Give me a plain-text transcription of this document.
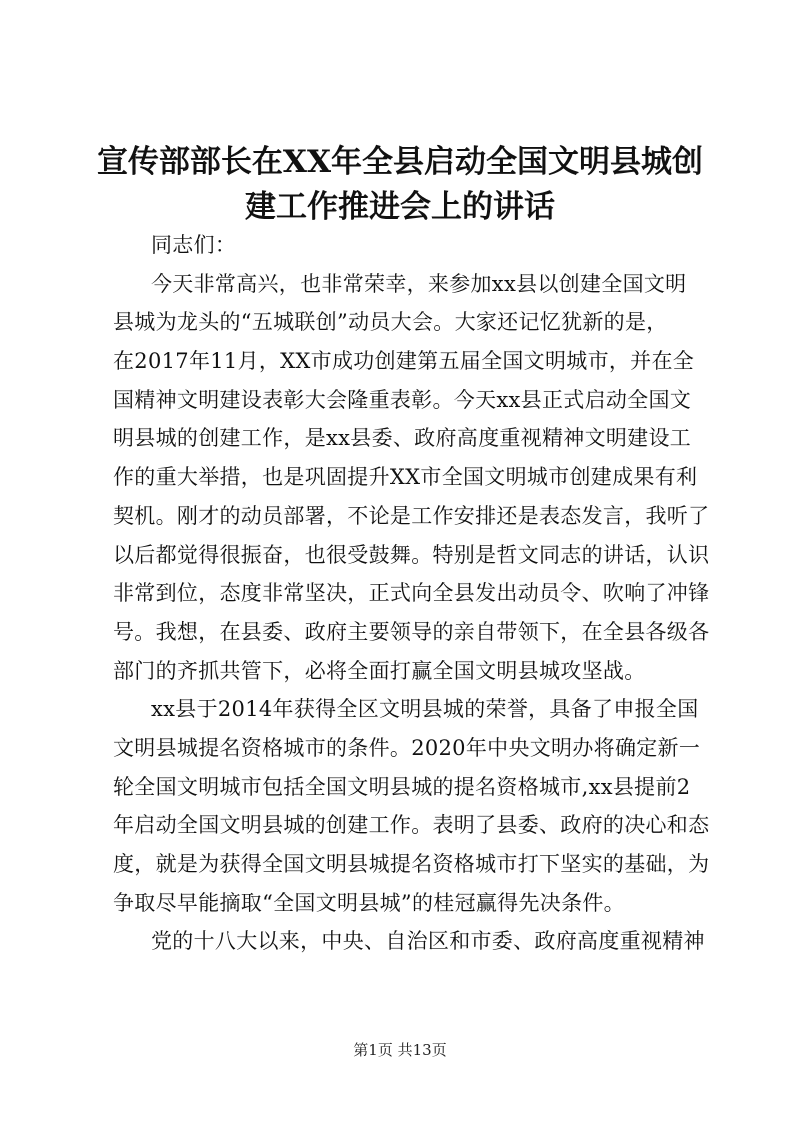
宣传部部长在XX年全县启动全国文明县城创
建工作推进会上的讲话
同志们：
今天非常高兴，也非常荣幸，来参加xx县以创建全国文明
县城为龙头的“五城联创”动员大会。大家还记忆犹新的是，
在2017年11月，XX市成功创建第五届全国文明城市，并在全
国精神文明建设表彰大会隆重表彰。今天xx县正式启动全国文
明县城的创建工作，是xx县委、政府高度重视精神文明建设工
作的重大举措，也是巩固提升XX市全国文明城市创建成果有利
契机。刚才的动员部署，不论是工作安排还是表态发言，我听了
以后都觉得很振奋，也很受鼓舞。特别是哲文同志的讲话，认识
非常到位，态度非常坚决，正式向全县发出动员令、吹响了冲锋
号。我想，在县委、政府主要领导的亲自带领下，在全县各级各
部门的齐抓共管下，必将全面打赢全国文明县城攻坚战。
xx县于2014年获得全区文明县城的荣誉，具备了申报全国
文明县城提名资格城市的条件。2020年中央文明办将确定新一
轮全国文明城市包括全国文明县城的提名资格城市,xx县提前2
年启动全国文明县城的创建工作。表明了县委、政府的决心和态
度，就是为获得全国文明县城提名资格城市打下坚实的基础，为
争取尽早能摘取“全国文明县城”的桂冠赢得先决条件。
党的十八大以来，中央、自治区和市委、政府高度重视精神
第1页 共13页
